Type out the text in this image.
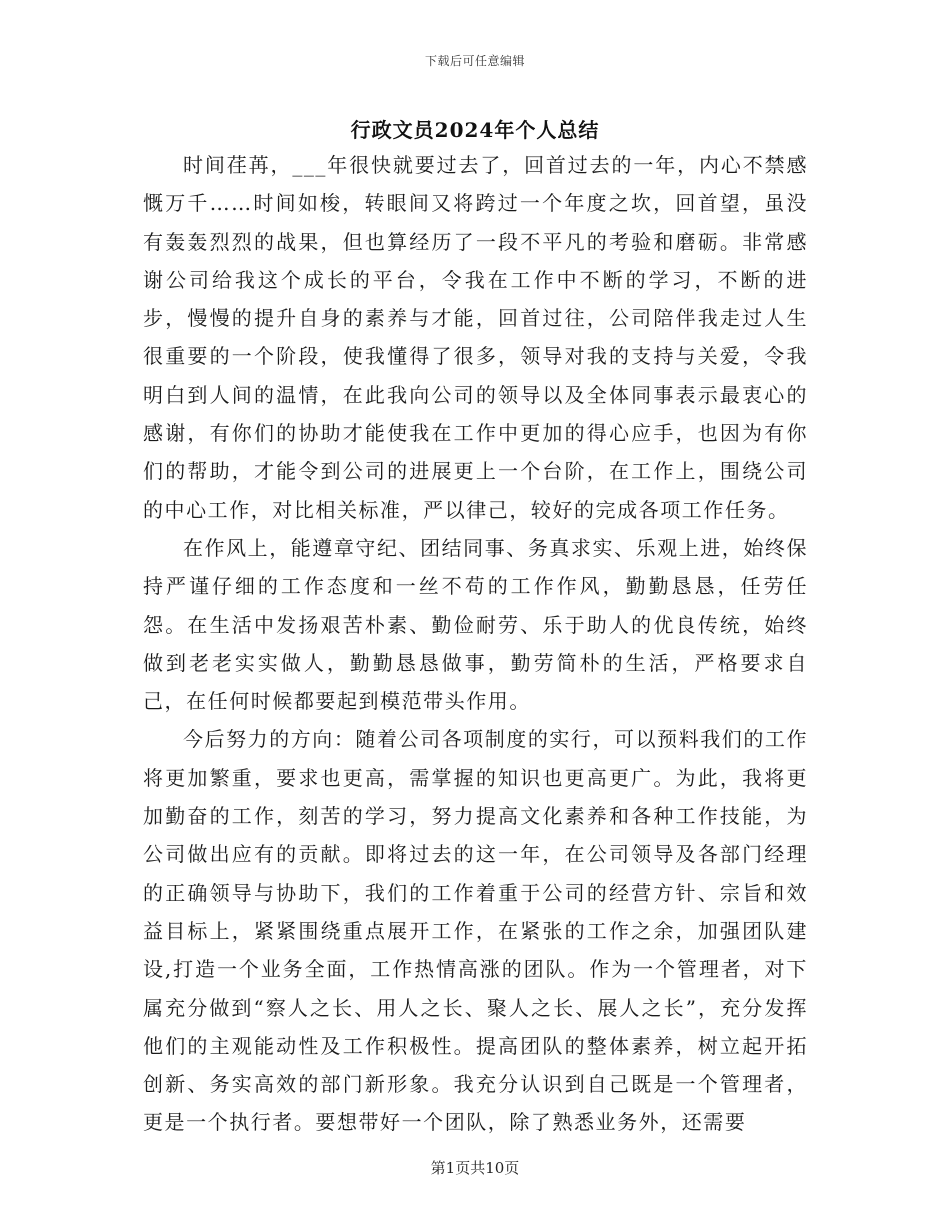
下载后可任意编辑
行政文员2024年个人总结

时间荏苒，___年很快就要过去了，回首过去的一年，内心不禁感慨万千……时间如梭，转眼间又将跨过一个年度之坎，回首望，虽没有轰轰烈烈的战果，但也算经历了一段不平凡的考验和磨砺。非常感谢公司给我这个成长的平台，令我在工作中不断的学习，不断的进步，慢慢的提升自身的素养与才能，回首过往，公司陪伴我走过人生很重要的一个阶段，使我懂得了很多，领导对我的支持与关爱，令我明白到人间的温情，在此我向公司的领导以及全体同事表示最衷心的感谢，有你们的协助才能使我在工作中更加的得心应手，也因为有你们的帮助，才能令到公司的进展更上一个台阶，在工作上，围绕公司的中心工作，对比相关标准，严以律己，较好的完成各项工作任务。

在作风上，能遵章守纪、团结同事、务真求实、乐观上进，始终保持严谨仔细的工作态度和一丝不苟的工作作风，勤勤恳恳，任劳任怨。在生活中发扬艰苦朴素、勤俭耐劳、乐于助人的优良传统，始终做到老老实实做人，勤勤恳恳做事，勤劳简朴的生活，严格要求自己，在任何时候都要起到模范带头作用。

今后努力的方向：随着公司各项制度的实行，可以预料我们的工作将更加繁重，要求也更高，需掌握的知识也更高更广。为此，我将更加勤奋的工作，刻苦的学习，努力提高文化素养和各种工作技能，为公司做出应有的贡献。即将过去的这一年，在公司领导及各部门经理的正确领导与协助下，我们的工作着重于公司的经营方针、宗旨和效益目标上，紧紧围绕重点展开工作，在紧张的工作之余，加强团队建设,打造一个业务全面，工作热情高涨的团队。作为一个管理者，对下属充分做到“察人之长、用人之长、聚人之长、展人之长”，充分发挥他们的主观能动性及工作积极性。提高团队的整体素养，树立起开拓创新、务实高效的部门新形象。我充分认识到自己既是一个管理者，更是一个执行者。要想带好一个团队，除了熟悉业务外，还需要

第1页共10页
